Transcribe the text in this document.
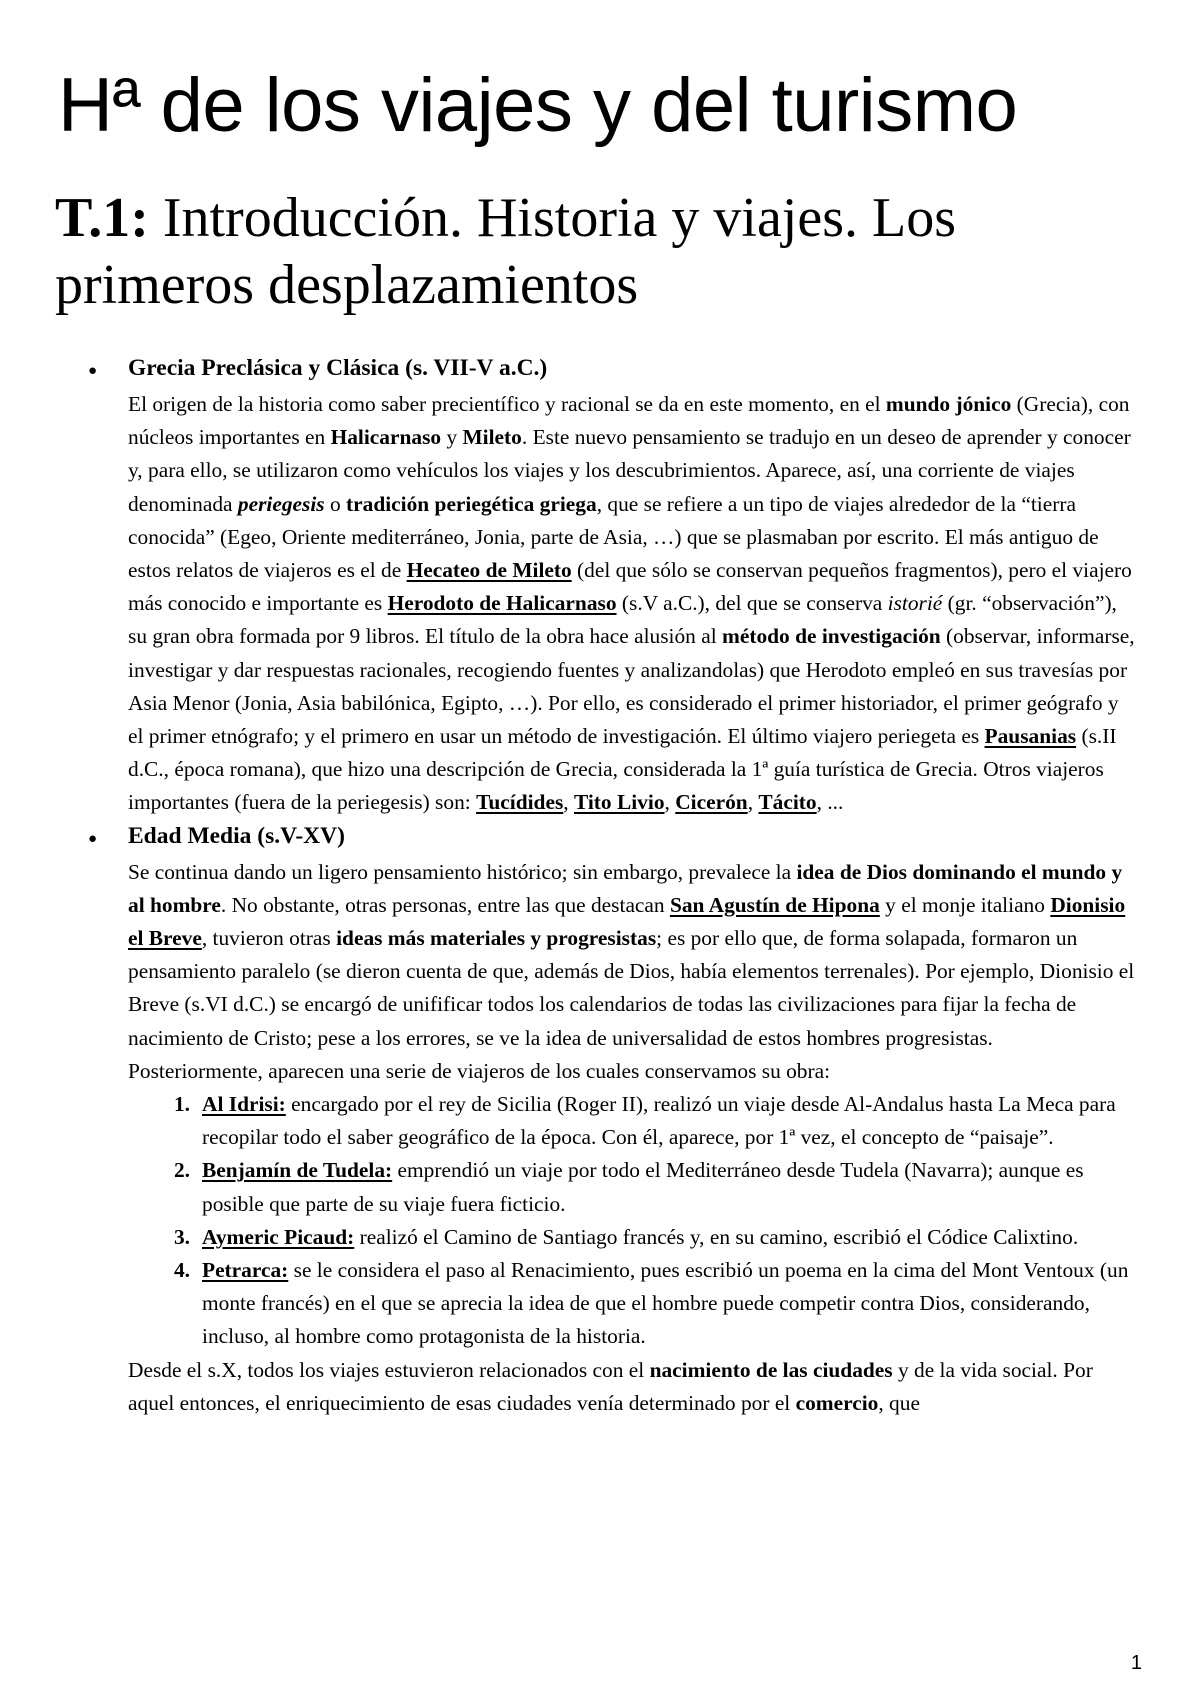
Hª de los viajes y del turismo
T.1: Introducción. Historia y viajes. Los primeros desplazamientos
●	Grecia Preclásica y Clásica (s. VII-V a.C.)

El origen de la historia como saber precientífico y racional se da en este momento, en el mundo jónico (Grecia), con núcleos importantes en Halicarnaso y Mileto. Este nuevo pensamiento se tradujo en un deseo de aprender y conocer y, para ello, se utilizaron como vehículos los viajes y los descubrimientos. Aparece, así, una corriente de viajes denominada periegesis o tradición periegética griega, que se refiere a un tipo de viajes alrededor de la “tierra conocida” (Egeo, Oriente mediterráneo, Jonia, parte de Asia, …) que se plasmaban por escrito. El más antiguo de estos relatos de viajeros es el de Hecateo de Mileto (del que sólo se conservan pequeños fragmentos), pero el viajero más conocido e importante es Herodoto de Halicarnaso (s.V a.C.), del que se conserva istorié (gr. “observación”), su gran obra formada por 9 libros. El título de la obra hace alusión al método de investigación (observar, informarse, investigar y dar respuestas racionales, recogiendo fuentes y analizandolas) que Herodoto empleó en sus travesías por Asia Menor (Jonia, Asia babilónica, Egipto, …). Por ello, es considerado el primer historiador, el primer geógrafo y el primer etnógrafo; y el primero en usar un método de investigación. El último viajero periegeta es Pausanias (s.II d.C., época romana), que hizo una descripción de Grecia, considerada la 1ª guía turística de Grecia. Otros viajeros importantes (fuera de la periegesis) son: Tucídides, Tito Livio, Cicerón, Tácito, ...

●	Edad Media (s.V-XV)

Se continua dando un ligero pensamiento histórico; sin embargo, prevalece la idea de Dios dominando el mundo y al hombre. No obstante, otras personas, entre las que destacan San Agustín de Hipona y el monje italiano Dionisio el Breve, tuvieron otras ideas más materiales y progresistas; es por ello que, de forma solapada, formaron un pensamiento paralelo (se dieron cuenta de que, además de Dios, había elementos terrenales). Por ejemplo, Dionisio el Breve (s.VI d.C.) se encargó de unifificar todos los calendarios de todas las civilizaciones para fijar la fecha de nacimiento de Cristo; pese a los errores, se ve la idea de universalidad de estos hombres progresistas.

Posteriormente, aparecen una serie de viajeros de los cuales conservamos su obra:

1. Al Idrisi: encargado por el rey de Sicilia (Roger II), realizó un viaje desde Al-Andalus hasta La Meca para recopilar todo el saber geográfico de la época. Con él, aparece, por 1ª vez, el concepto de “paisaje”.
2. Benjamín de Tudela: emprendió un viaje por todo el Mediterráneo desde Tudela (Navarra); aunque es posible que parte de su viaje fuera ficticio.
3. Aymeric Picaud: realizó el Camino de Santiago francés y, en su camino, escribió el Códice Calixtino.
4. Petrarca: se le considera el paso al Renacimiento, pues escribió un poema en la cima del Mont Ventoux (un monte francés) en el que se aprecia la idea de que el hombre puede competir contra Dios, considerando, incluso, al hombre como protagonista de la historia.

Desde el s.X, todos los viajes estuvieron relacionados con el nacimiento de las ciudades y de la vida social. Por aquel entonces, el enriquecimiento de esas ciudades venía determinado por el comercio, que

1
